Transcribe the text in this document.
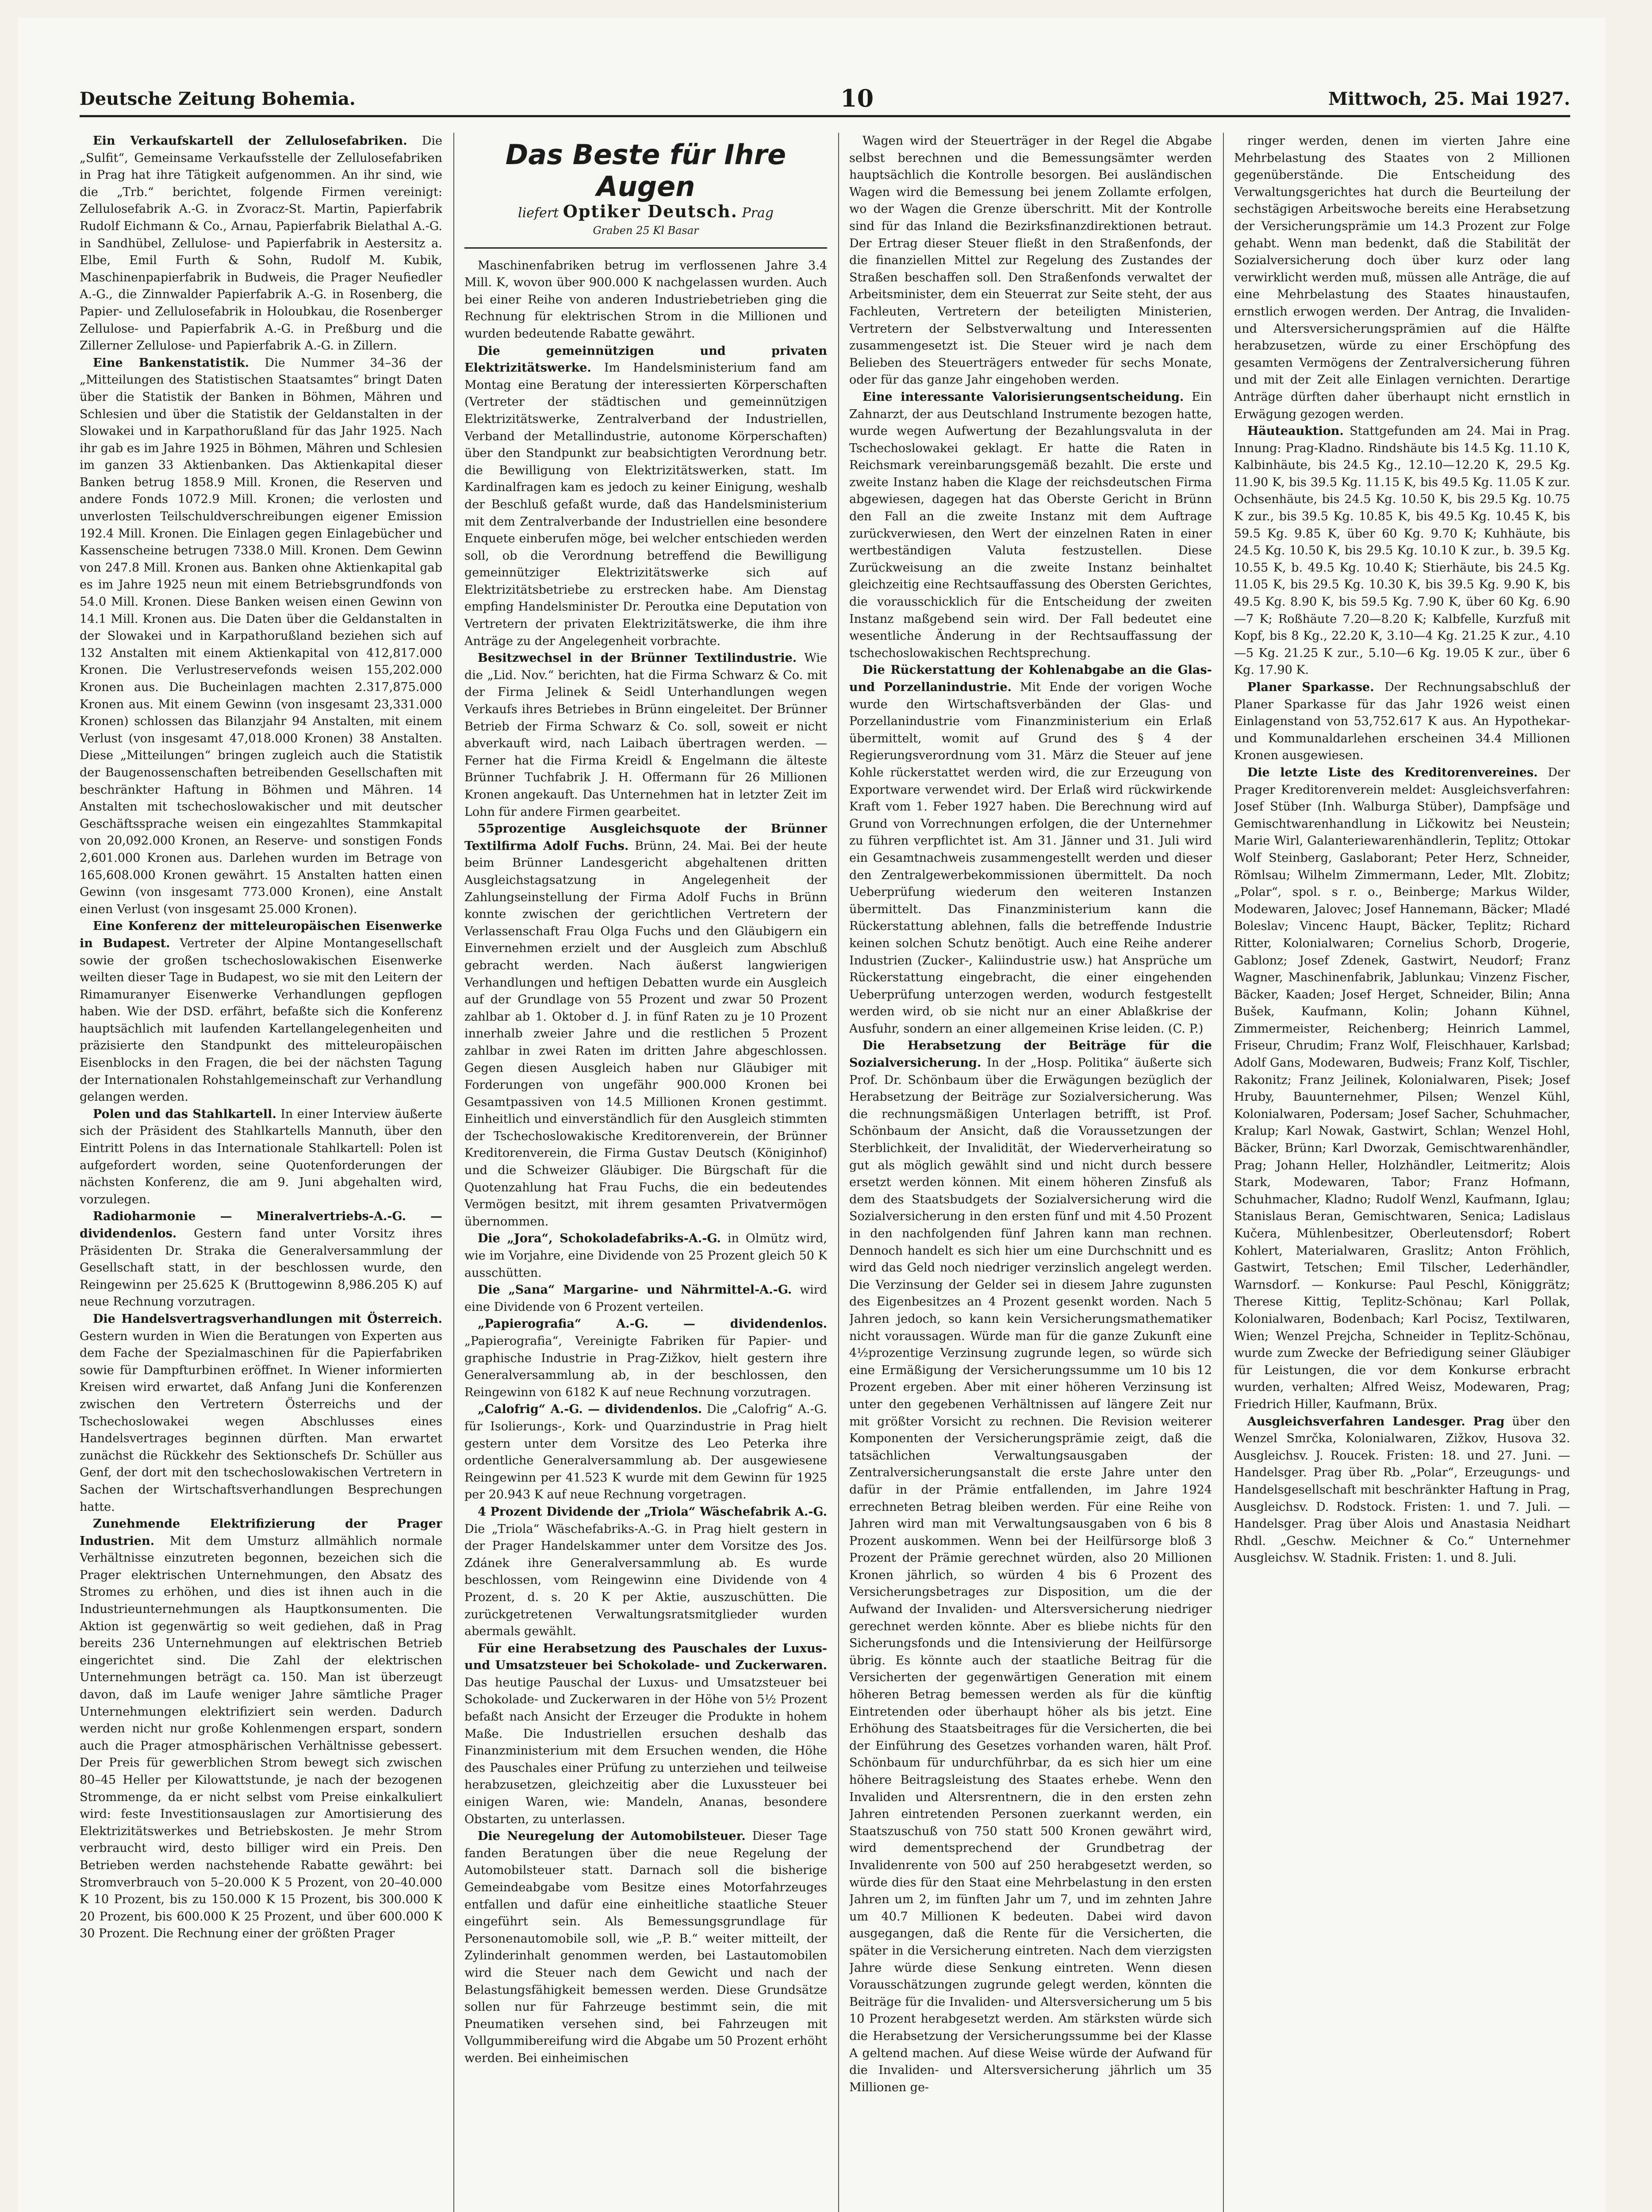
Deutsche Zeitung Bohemia.	10	Mittwoch, 25. Mai 1927.

Ein Verkaufskartell der Zellulosefabriken. Die „Sulfit“, Gemeinsame Verkaufsstelle der Zellulosefabriken in Prag hat ihre Tätigkeit aufgenommen. An ihr sind, wie die „Trb.“ berichtet, folgende Firmen vereinigt: Zellulosefabrik A.-G. in Zvoracz-St. Martin, Papierfabrik Rudolf Eichmann & Co., Arnau, Papierfabrik Bielathal A.-G. in Sandhübel, Zellulose- und Papierfabrik in Aestersitz a. Elbe, Emil Furth & Sohn, Rudolf M. Kubik, Maschinenpapierfabrik in Budweis, die Prager Neufiedler A.-G., die Zinnwalder Papierfabrik A.-G. in Rosenberg, die Papier- und Zellulosefabrik in Holoubkau, die Rosenberger Zellulose- und Papierfabrik A.-G. in Preßburg und die Zillerner Zellulose- und Papierfabrik A.-G. in Zillern.

Eine Bankenstatistik. Die Nummer 34–36 der „Mitteilungen des Statistischen Staatsamtes“ bringt Daten über die Statistik der Banken in Böhmen, Mähren und Schlesien und über die Statistik der Geldanstalten in der Slowakei und in Karpathorußland für das Jahr 1925. Nach ihr gab es im Jahre 1925 in Böhmen, Mähren und Schlesien im ganzen 33 Aktienbanken. Das Aktienkapital dieser Banken betrug 1858.9 Mill. Kronen, die Reserven und andere Fonds 1072.9 Mill. Kronen; die verlosten und unverlosten Teilschuldverschreibungen eigener Emission 192.4 Mill. Kronen. Die Einlagen gegen Einlagebücher und Kassenscheine betrugen 7338.0 Mill. Kronen. Dem Gewinn von 247.8 Mill. Kronen aus. Banken ohne Aktienkapital gab es im Jahre 1925 neun mit einem Betriebsgrundfonds von 54.0 Mill. Kronen. Diese Banken weisen einen Gewinn von 14.1 Mill. Kronen aus. Die Daten über die Geldanstalten in der Slowakei und in Karpathorußland beziehen sich auf 132 Anstalten mit einem Aktienkapital von 412,817.000 Kronen. Die Verlustreservefonds weisen 155,202.000 Kronen aus. Die Bucheinlagen machten 2.317,875.000 Kronen aus. Mit einem Gewinn (von insgesamt 23,331.000 Kronen) schlossen das Bilanzjahr 94 Anstalten, mit einem Verlust (von insgesamt 47,018.000 Kronen) 38 Anstalten. Diese „Mitteilungen“ bringen zugleich auch die Statistik der Baugenossenschaften betreibenden Gesellschaften mit beschränkter Haftung in Böhmen und Mähren. 14 Anstalten mit tschechoslowakischer und mit deutscher Geschäftssprache weisen ein eingezahltes Stammkapital von 20,092.000 Kronen, an Reserve- und sonstigen Fonds 2,601.000 Kronen aus. Darlehen wurden im Betrage von 165,608.000 Kronen gewährt. 15 Anstalten hatten einen Gewinn (von insgesamt 773.000 Kronen), eine Anstalt einen Verlust (von insgesamt 25.000 Kronen).

Eine Konferenz der mitteleuropäischen Eisenwerke in Budapest. Vertreter der Alpine Montangesellschaft sowie der großen tschechoslowakischen Eisenwerke weilten dieser Tage in Budapest, wo sie mit den Leitern der Rimamuranyer Eisenwerke Verhandlungen gepflogen haben. Wie der DSD. erfährt, befaßte sich die Konferenz hauptsächlich mit laufenden Kartellangelegenheiten und präzisierte den Standpunkt des mitteleuropäischen Eisenblocks in den Fragen, die bei der nächsten Tagung der Internationalen Rohstahlgemeinschaft zur Verhandlung gelangen werden.

Polen und das Stahlkartell. In einer Interview äußerte sich der Präsident des Stahlkartells Mannuth, über den Eintritt Polens in das Internationale Stahlkartell: Polen ist aufgefordert worden, seine Quotenforderungen der nächsten Konferenz, die am 9. Juni abgehalten wird, vorzulegen.

Radioharmonie — Mineralvertriebs-A.-G. — dividendenlos. Gestern fand unter Vorsitz ihres Präsidenten Dr. Straka die Generalversammlung der Gesellschaft statt, in der beschlossen wurde, den Reingewinn per 25.625 K (Bruttogewinn 8,986.205 K) auf neue Rechnung vorzutragen.

Die Handelsvertragsverhandlungen mit Österreich. Gestern wurden in Wien die Beratungen von Experten aus dem Fache der Spezialmaschinen für die Papierfabriken sowie für Dampfturbinen eröffnet. In Wiener informierten Kreisen wird erwartet, daß Anfang Juni die Konferenzen zwischen den Vertretern Österreichs und der Tschechoslowakei wegen Abschlusses eines Handelsvertrages beginnen dürften. Man erwartet zunächst die Rückkehr des Sektionschefs Dr. Schüller aus Genf, der dort mit den tschechoslowakischen Vertretern in Sachen der Wirtschaftsverhandlungen Besprechungen hatte.

Zunehmende Elektrifizierung der Prager Industrien. Mit dem Umsturz allmählich normale Verhältnisse einzutreten begonnen, bezeichen sich die Prager elektrischen Unternehmungen, den Absatz des Stromes zu erhöhen, und dies ist ihnen auch in die Industrieunternehmungen als Hauptkonsumenten. Die Aktion ist gegenwärtig so weit gediehen, daß in Prag bereits 236 Unternehmungen auf elektrischen Betrieb eingerichtet sind. Die Zahl der elektrischen Unternehmungen beträgt ca. 150. Man ist überzeugt davon, daß im Laufe weniger Jahre sämtliche Prager Unternehmungen elektrifiziert sein werden. Dadurch werden nicht nur große Kohlenmengen erspart, sondern auch die Prager atmosphärischen Verhältnisse gebessert. Der Preis für gewerblichen Strom bewegt sich zwischen 80–45 Heller per Kilowattstunde, je nach der bezogenen Strommenge, da er nicht selbst vom Preise einkalkuliert wird: feste Investitionsauslagen zur Amortisierung des Elektrizitätswerkes und Betriebskosten. Je mehr Strom verbraucht wird, desto billiger wird ein Preis. Den Betrieben werden nachstehende Rabatte gewährt: bei Stromverbrauch von 5–20.000 K 5 Prozent, von 20–40.000 K 10 Prozent, bis zu 150.000 K 15 Prozent, bis 300.000 K 20 Prozent, bis 600.000 K 25 Prozent, und über 600.000 K 30 Prozent. Die Rechnung einer der größten Prager

Das Beste für Ihre Augen
liefert Optiker Deutsch. Prag
Graben 25 Kl Basar

Maschinenfabriken betrug im verflossenen Jahre 3.4 Mill. K, wovon über 900.000 K nachgelassen wurden. Auch bei einer Reihe von anderen Industriebetrieben ging die Rechnung für elektrischen Strom in die Millionen und wurden bedeutende Rabatte gewährt.

Die gemeinnützigen und privaten Elektrizitätswerke. Im Handelsministerium fand am Montag eine Beratung der interessierten Körperschaften (Vertreter der städtischen und gemeinnützigen Elektrizitätswerke, Zentralverband der Industriellen, Verband der Metallindustrie, autonome Körperschaften) über den Standpunkt zur beabsichtigten Verordnung betr. die Bewilligung von Elektrizitätswerken, statt. Im Kardinalfragen kam es jedoch zu keiner Einigung, weshalb der Beschluß gefaßt wurde, daß das Handelsministerium mit dem Zentralverbande der Industriellen eine besondere Enquete einberufen möge, bei welcher entschieden werden soll, ob die Verordnung betreffend die Bewilligung gemeinnütziger Elektrizitätswerke sich auf Elektrizitätsbetriebe zu erstrecken habe. Am Dienstag empfing Handelsminister Dr. Peroutka eine Deputation von Vertretern der privaten Elektrizitätswerke, die ihm ihre Anträge zu der Angelegenheit vorbrachte.

Besitzwechsel in der Brünner Textilindustrie. Wie die „Lid. Nov.“ berichten, hat die Firma Schwarz & Co. mit der Firma Jelinek & Seidl Unterhandlungen wegen Verkaufs ihres Betriebes in Brünn eingeleitet. Der Brünner Betrieb der Firma Schwarz & Co. soll, soweit er nicht abverkauft wird, nach Laibach übertragen werden. — Ferner hat die Firma Kreidl & Engelmann die älteste Brünner Tuchfabrik J. H. Offermann für 26 Millionen Kronen angekauft. Das Unternehmen hat in letzter Zeit im Lohn für andere Firmen gearbeitet.

55prozentige Ausgleichsquote der Brünner Textilfirma Adolf Fuchs. Brünn, 24. Mai. Bei der heute beim Brünner Landesgericht abgehaltenen dritten Ausgleichstagsatzung in Angelegenheit der Zahlungseinstellung der Firma Adolf Fuchs in Brünn konnte zwischen der gerichtlichen Vertretern der Verlassenschaft Frau Olga Fuchs und den Gläubigern ein Einvernehmen erzielt und der Ausgleich zum Abschluß gebracht werden. Nach äußerst langwierigen Verhandlungen und heftigen Debatten wurde ein Ausgleich auf der Grundlage von 55 Prozent und zwar 50 Prozent zahlbar ab 1. Oktober d. J. in fünf Raten zu je 10 Prozent innerhalb zweier Jahre und die restlichen 5 Prozent zahlbar in zwei Raten im dritten Jahre abgeschlossen. Gegen diesen Ausgleich haben nur Gläubiger mit Forderungen von ungefähr 900.000 Kronen bei Gesamtpassiven von 14.5 Millionen Kronen gestimmt. Einheitlich und einverständlich für den Ausgleich stimmten der Tschechoslowakische Kreditorenverein, der Brünner Kreditorenverein, die Firma Gustav Deutsch (Königinhof) und die Schweizer Gläubiger. Die Bürgschaft für die Quotenzahlung hat Frau Fuchs, die ein bedeutendes Vermögen besitzt, mit ihrem gesamten Privatvermögen übernommen.

Die „Jora“, Schokoladefabriks-A.-G. in Olmütz wird, wie im Vorjahre, eine Dividende von 25 Prozent gleich 50 K ausschütten.

Die „Sana“ Margarine- und Nährmittel-A.-G. wird eine Dividende von 6 Prozent verteilen.

„Papierografia“ A.-G. — dividendenlos. „Papierografia“, Vereinigte Fabriken für Papier- und graphische Industrie in Prag-Zižkov, hielt gestern ihre Generalversammlung ab, in der beschlossen, den Reingewinn von 6182 K auf neue Rechnung vorzutragen.

„Calofrig“ A.-G. — dividendenlos. Die „Calofrig“ A.-G. für Isolierungs-, Kork- und Quarzindustrie in Prag hielt gestern unter dem Vorsitze des Leo Peterka ihre ordentliche Generalversammlung ab. Der ausgewiesene Reingewinn per 41.523 K wurde mit dem Gewinn für 1925 per 20.943 K auf neue Rechnung vorgetragen.

4 Prozent Dividende der „Triola“ Wäschefabrik A.-G. Die „Triola“ Wäschefabriks-A.-G. in Prag hielt gestern in der Prager Handelskammer unter dem Vorsitze des Jos. Zdánek ihre Generalversammlung ab. Es wurde beschlossen, vom Reingewinn eine Dividende von 4 Prozent, d. s. 20 K per Aktie, auszuschütten. Die zurückgetretenen Verwaltungsratsmitglieder wurden abermals gewählt.

Für eine Herabsetzung des Pauschales der Luxus- und Umsatzsteuer bei Schokolade- und Zuckerwaren. Das heutige Pauschal der Luxus- und Umsatzsteuer bei Schokolade- und Zuckerwaren in der Höhe von 5½ Prozent befaßt nach Ansicht der Erzeuger die Produkte in hohem Maße. Die Industriellen ersuchen deshalb das Finanzministerium mit dem Ersuchen wenden, die Höhe des Pauschales einer Prüfung zu unterziehen und teilweise herabzusetzen, gleichzeitig aber die Luxussteuer bei einigen Waren, wie: Mandeln, Ananas, besondere Obstarten, zu unterlassen.

Die Neuregelung der Automobilsteuer. Dieser Tage fanden Beratungen über die neue Regelung der Automobilsteuer statt. Darnach soll die bisherige Gemeindeabgabe vom Besitze eines Motorfahrzeuges entfallen und dafür eine einheitliche staatliche Steuer eingeführt sein. Als Bemessungsgrundlage für Personenautomobile soll, wie „P. B.“ weiter mitteilt, der Zylinderinhalt genommen werden, bei Lastautomobilen wird die Steuer nach dem Gewicht und nach der Belastungsfähigkeit bemessen werden. Diese Grundsätze sollen nur für Fahrzeuge bestimmt sein, die mit Pneumatiken versehen sind, bei Fahrzeugen mit Vollgummibereifung wird die Abgabe um 50 Prozent erhöht werden. Bei einheimischen

Wagen wird der Steuerträger in der Regel die Abgabe selbst berechnen und die Bemessungsämter werden hauptsächlich die Kontrolle besorgen. Bei ausländischen Wagen wird die Bemessung bei jenem Zollamte erfolgen, wo der Wagen die Grenze überschritt. Mit der Kontrolle sind für das Inland die Bezirksfinanzdirektionen betraut. Der Ertrag dieser Steuer fließt in den Straßenfonds, der die finanziellen Mittel zur Regelung des Zustandes der Straßen beschaffen soll. Den Straßenfonds verwaltet der Arbeitsminister, dem ein Steuerrat zur Seite steht, der aus Fachleuten, Vertretern der beteiligten Ministerien, Vertretern der Selbstverwaltung und Interessenten zusammengesetzt ist. Die Steuer wird je nach dem Belieben des Steuerträgers entweder für sechs Monate, oder für das ganze Jahr eingehoben werden.

Eine interessante Valorisierungsentscheidung. Ein Zahnarzt, der aus Deutschland Instrumente bezogen hatte, wurde wegen Aufwertung der Bezahlungsvaluta in der Tschechoslowakei geklagt. Er hatte die Raten in Reichsmark vereinbarungsgemäß bezahlt. Die erste und zweite Instanz haben die Klage der reichsdeutschen Firma abgewiesen, dagegen hat das Oberste Gericht in Brünn den Fall an die zweite Instanz mit dem Auftrage zurückverwiesen, den Wert der einzelnen Raten in einer wertbeständigen Valuta festzustellen. Diese Zurückweisung an die zweite Instanz beinhaltet gleichzeitig eine Rechtsauffassung des Obersten Gerichtes, die vorausschicklich für die Entscheidung der zweiten Instanz maßgebend sein wird. Der Fall bedeutet eine wesentliche Änderung in der Rechtsauffassung der tschechoslowakischen Rechtsprechung.

Die Rückerstattung der Kohlenabgabe an die Glas- und Porzellanindustrie. Mit Ende der vorigen Woche wurde den Wirtschaftsverbänden der Glas- und Porzellanindustrie vom Finanzministerium ein Erlaß übermittelt, womit auf Grund des § 4 der Regierungsverordnung vom 31. März die Steuer auf jene Kohle rückerstattet werden wird, die zur Erzeugung von Exportware verwendet wird. Der Erlaß wird rückwirkende Kraft vom 1. Feber 1927 haben. Die Berechnung wird auf Grund von Vorrechnungen erfolgen, die der Unternehmer zu führen verpflichtet ist. Am 31. Jänner und 31. Juli wird ein Gesamtnachweis zusammengestellt werden und dieser den Zentralgewerbekommissionen übermittelt. Da noch Ueberprüfung wiederum den weiteren Instanzen übermittelt. Das Finanzministerium kann die Rückerstattung ablehnen, falls die betreffende Industrie keinen solchen Schutz benötigt. Auch eine Reihe anderer Industrien (Zucker-, Kaliindustrie usw.) hat Ansprüche um Rückerstattung eingebracht, die einer eingehenden Ueberprüfung unterzogen werden, wodurch festgestellt werden wird, ob sie nicht nur an einer Ablaßkrise der Ausfuhr, sondern an einer allgemeinen Krise leiden. (C. P.)

Die Herabsetzung der Beiträge für die Sozialversicherung. In der „Hosp. Politika“ äußerte sich Prof. Dr. Schönbaum über die Erwägungen bezüglich der Herabsetzung der Beiträge zur Sozialversicherung. Was die rechnungsmäßigen Unterlagen betrifft, ist Prof. Schönbaum der Ansicht, daß die Voraussetzungen der Sterblichkeit, der Invalidität, der Wiederverheiratung so gut als möglich gewählt sind und nicht durch bessere ersetzt werden können. Mit einem höheren Zinsfuß als dem des Staatsbudgets der Sozialversicherung wird die Sozialversicherung in den ersten fünf und mit 4.50 Prozent in den nachfolgenden fünf Jahren kann man rechnen. Dennoch handelt es sich hier um eine Durchschnitt und es wird das Geld noch niedriger verzinslich angelegt werden. Die Verzinsung der Gelder sei in diesem Jahre zugunsten des Eigenbesitzes an 4 Prozent gesenkt worden. Nach 5 Jahren jedoch, so kann kein Versicherungsmathematiker nicht voraussagen. Würde man für die ganze Zukunft eine 4½prozentige Verzinsung zugrunde legen, so würde sich eine Ermäßigung der Versicherungssumme um 10 bis 12 Prozent ergeben. Aber mit einer höheren Verzinsung ist unter den gegebenen Verhältnissen auf längere Zeit nur mit größter Vorsicht zu rechnen. Die Revision weiterer Komponenten der Versicherungsprämie zeigt, daß die tatsächlichen Verwaltungsausgaben der Zentralversicherungsanstalt die erste Jahre unter den dafür in der Prämie entfallenden, im Jahre 1924 errechneten Betrag bleiben werden. Für eine Reihe von Jahren wird man mit Verwaltungsausgaben von 6 bis 8 Prozent auskommen. Wenn bei der Heilfürsorge bloß 3 Prozent der Prämie gerechnet würden, also 20 Millionen Kronen jährlich, so würden 4 bis 6 Prozent des Versicherungsbetrages zur Disposition, um die der Aufwand der Invaliden- und Altersversicherung niedriger gerechnet werden könnte. Aber es bliebe nichts für den Sicherungsfonds und die Intensivierung der Heilfürsorge übrig. Es könnte auch der staatliche Beitrag für die Versicherten der gegenwärtigen Generation mit einem höheren Betrag bemessen werden als für die künftig Eintretenden oder überhaupt höher als bis jetzt. Eine Erhöhung des Staatsbeitrages für die Versicherten, die bei der Einführung des Gesetzes vorhanden waren, hält Prof. Schönbaum für undurchführbar, da es sich hier um eine höhere Beitragsleistung des Staates erhebe. Wenn den Invaliden und Altersrentnern, die in den ersten zehn Jahren eintretenden Personen zuerkannt werden, ein Staatszuschuß von 750 statt 500 Kronen gewährt wird, wird dementsprechend der Grundbetrag der Invalidenrente von 500 auf 250 herabgesetzt werden, so würde dies für den Staat eine Mehrbelastung in den ersten Jahren um 2, im fünften Jahr um 7, und im zehnten Jahre um 40.7 Millionen K bedeuten. Dabei wird davon ausgegangen, daß die Rente für die Versicherten, die später in die Versicherung eintreten. Nach dem vierzigsten Jahre würde diese Senkung eintreten. Wenn diesen Vorausschätzungen zugrunde gelegt werden, könnten die Beiträge für die Invaliden- und Altersversicherung um 5 bis 10 Prozent herabgesetzt werden. Am stärksten würde sich die Herabsetzung der Versicherungssumme bei der Klasse A geltend machen. Auf diese Weise würde der Aufwand für die Invaliden- und Altersversicherung jährlich um 35 Millionen ge-

ringer werden, denen im vierten Jahre eine Mehrbelastung des Staates von 2 Millionen gegenüberstände. Die Entscheidung des Verwaltungsgerichtes hat durch die Beurteilung der sechstägigen Arbeitswoche bereits eine Herabsetzung der Versicherungsprämie um 14.3 Prozent zur Folge gehabt. Wenn man bedenkt, daß die Stabilität der Sozialversicherung doch über kurz oder lang verwirklicht werden muß, müssen alle Anträge, die auf eine Mehrbelastung des Staates hinaustaufen, ernstlich erwogen werden. Der Antrag, die Invaliden- und Altersversicherungsprämien auf die Hälfte herabzusetzen, würde zu einer Erschöpfung des gesamten Vermögens der Zentralversicherung führen und mit der Zeit alle Einlagen vernichten. Derartige Anträge dürften daher überhaupt nicht ernstlich in Erwägung gezogen werden.

Häuteauktion. Stattgefunden am 24. Mai in Prag. Innung: Prag-Kladno. Rindshäute bis 14.5 Kg. 11.10 K, Kalbinhäute, bis 24.5 Kg., 12.10—12.20 K, 29.5 Kg. 11.90 K, bis 39.5 Kg. 11.15 K, bis 49.5 Kg. 11.05 K zur. Ochsenhäute, bis 24.5 Kg. 10.50 K, bis 29.5 Kg. 10.75 K zur., bis 39.5 Kg. 10.85 K, bis 49.5 Kg. 10.45 K, bis 59.5 Kg. 9.85 K, über 60 Kg. 9.70 K; Kuhhäute, bis 24.5 Kg. 10.50 K, bis 29.5 Kg. 10.10 K zur., b. 39.5 Kg. 10.55 K, b. 49.5 Kg. 10.40 K; Stierhäute, bis 24.5 Kg. 11.05 K, bis 29.5 Kg. 10.30 K, bis 39.5 Kg. 9.90 K, bis 49.5 Kg. 8.90 K, bis 59.5 Kg. 7.90 K, über 60 Kg. 6.90—7 K; Roßhäute 7.20—8.20 K; Kalbfelle, Kurzfuß mit Kopf, bis 8 Kg., 22.20 K, 3.10—4 Kg. 21.25 K zur., 4.10—5 Kg. 21.25 K zur., 5.10—6 Kg. 19.05 K zur., über 6 Kg. 17.90 K.

Planer Sparkasse. Der Rechnungsabschluß der Planer Sparkasse für das Jahr 1926 weist einen Einlagenstand von 53,752.617 K aus. An Hypothekar- und Kommunaldarlehen erscheinen 34.4 Millionen Kronen ausgewiesen.

Die letzte Liste des Kreditorenvereines. Der Prager Kreditorenverein meldet: Ausgleichsverfahren: Josef Stüber (Inh. Walburga Stüber), Dampfsäge und Gemischtwarenhandlung in Ličkowitz bei Neustein; Marie Wirl, Galanteriewarenhändlerin, Teplitz; Ottokar Wolf Steinberg, Gaslaborant; Peter Herz, Schneider, Römlsau; Wilhelm Zimmermann, Leder, Mlt. Zlobitz; „Polar“, spol. s r. o., Beinberge; Markus Wilder, Modewaren, Jalovec; Josef Hannemann, Bäcker; Mladé Boleslav; Vincenc Haupt, Bäcker, Teplitz; Richard Ritter, Kolonialwaren; Cornelius Schorb, Drogerie, Gablonz; Josef Zdenek, Gastwirt, Neudorf; Franz Wagner, Maschinenfabrik, Jablunkau; Vinzenz Fischer, Bäcker, Kaaden; Josef Herget, Schneider, Bilin; Anna Bušek, Kaufmann, Kolin; Johann Kühnel, Zimmermeister, Reichenberg; Heinrich Lammel, Friseur, Chrudim; Franz Wolf, Fleischhauer, Karlsbad; Adolf Gans, Modewaren, Budweis; Franz Kolf, Tischler, Rakonitz; Franz Jeilinek, Kolonialwaren, Pisek; Josef Hruby, Bauunternehmer, Pilsen; Wenzel Kühl, Kolonialwaren, Podersam; Josef Sacher, Schuhmacher, Kralup; Karl Nowak, Gastwirt, Schlan; Wenzel Hohl, Bäcker, Brünn; Karl Dworzak, Gemischtwarenhändler, Prag; Johann Heller, Holzhändler, Leitmeritz; Alois Stark, Modewaren, Tabor; Franz Hofmann, Schuhmacher, Kladno; Rudolf Wenzl, Kaufmann, Iglau; Stanislaus Beran, Gemischtwaren, Senica; Ladislaus Kučera, Mühlenbesitzer, Oberleutensdorf; Robert Kohlert, Materialwaren, Graslitz; Anton Fröhlich, Gastwirt, Tetschen; Emil Tilscher, Lederhändler, Warnsdorf. — Konkurse: Paul Peschl, Königgrätz; Therese Kittig, Teplitz-Schönau; Karl Pollak, Kolonialwaren, Bodenbach; Karl Pocisz, Textilwaren, Wien; Wenzel Prejcha, Schneider in Teplitz-Schönau, wurde zum Zwecke der Befriedigung seiner Gläubiger für Leistungen, die vor dem Konkurse erbracht wurden, verhalten; Alfred Weisz, Modewaren, Prag; Friedrich Hiller, Kaufmann, Brüx.

Ausgleichsverfahren Landesger. Prag über den Wenzel Smrčka, Kolonialwaren, Zižkov, Husova 32. Ausgleichsv. J. Roucek. Fristen: 18. und 27. Juni. — Handelsger. Prag über Rb. „Polar“, Erzeugungs- und Handelsgesellschaft mit beschränkter Haftung in Prag, Ausgleichsv. D. Rodstock. Fristen: 1. und 7. Juli. — Handelsger. Prag über Alois und Anastasia Neidhart Rhdl. „Geschw. Meichner & Co.“ Unternehmer Ausgleichsv. W. Stadnik. Fristen: 1. und 8. Juli.
